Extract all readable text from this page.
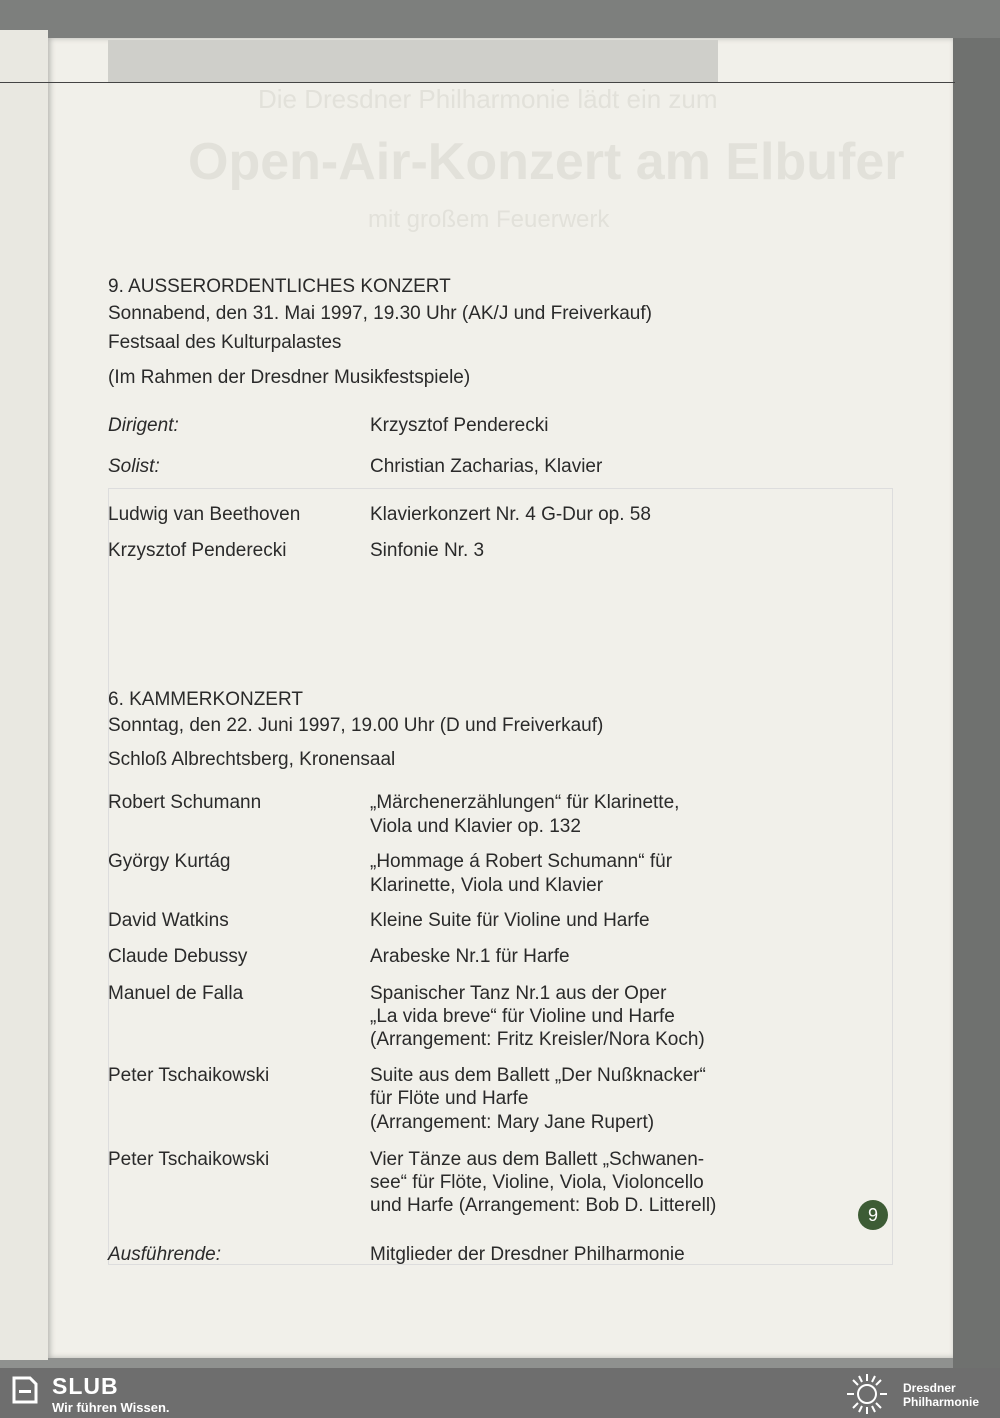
Die Dresdner Philharmonie lädt ein zum
Open-Air-Konzert am Elbufer
mit großem Feuerwerk
9. AUSSERORDENTLICHES KONZERT
Sonnabend, den 31. Mai 1997, 19.30 Uhr (AK/J und Freiverkauf)
Festsaal des Kulturpalastes
(Im Rahmen der Dresdner Musikfestspiele)
Dirigent:	Krzysztof Penderecki
Solist:	Christian Zacharias, Klavier
Ludwig van Beethoven	Klavierkonzert Nr. 4 G-Dur op. 58
Krzysztof Penderecki	Sinfonie Nr. 3
6. KAMMERKONZERT
Sonntag, den 22. Juni 1997, 19.00 Uhr (D und Freiverkauf)
Schloß Albrechtsberg, Kronensaal
Robert Schumann	„Märchenerzählungen“ für Klarinette,
Viola und Klavier op. 132
György Kurtág	„Hommage á Robert Schumann“ für
Klarinette, Viola und Klavier
David Watkins	Kleine Suite für Violine und Harfe
Claude Debussy	Arabeske Nr.1 für Harfe
Manuel de Falla	Spanischer Tanz Nr.1 aus der Oper
„La vida breve“ für Violine und Harfe
(Arrangement: Fritz Kreisler/Nora Koch)
Peter Tschaikowski	Suite aus dem Ballett „Der Nußknacker“
für Flöte und Harfe
(Arrangement: Mary Jane Rupert)
Peter Tschaikowski	Vier Tänze aus dem Ballett „Schwanen-
see“ für Flöte, Violine, Viola, Violoncello
und Harfe (Arrangement: Bob D. Litterell)
Ausführende:	Mitglieder der Dresdner Philharmonie
9
SLUB
Wir führen Wissen.
Dresdner
Philharmonie
